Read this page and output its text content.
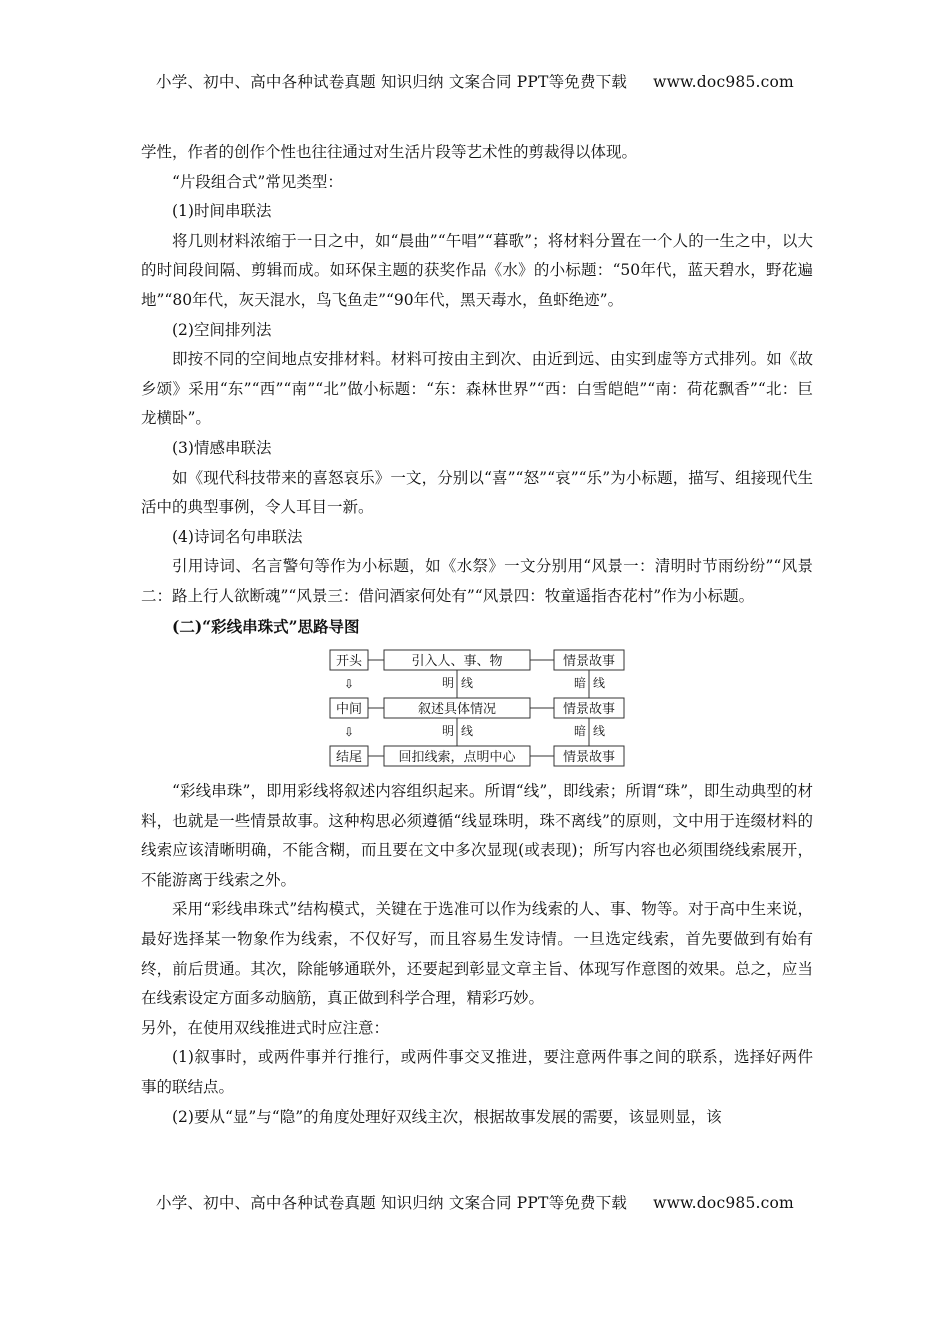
小学、初中、高中各种试卷真题 知识归纳 文案合同 PPT等免费下载 www.doc985.com

学性，作者的创作个性也往往通过对生活片段等艺术性的剪裁得以体现。

“片段组合式”常见类型：

(1)时间串联法

将几则材料浓缩于一日之中，如“晨曲”“午唱”“暮歌”；将材料分置在一个人的一生之中，以大的时间段间隔、剪辑而成。如环保主题的获奖作品《水》的小标题：“50年代，蓝天碧水，野花遍地”“80年代，灰天混水，鸟飞鱼走”“90年代，黑天毒水，鱼虾绝迹”。

(2)空间排列法

即按不同的空间地点安排材料。材料可按由主到次、由近到远、由实到虚等方式排列。如《故乡颂》采用“东”“西”“南”“北”做小标题：“东：森林世界”“西：白雪皑皑”“南：荷花飘香”“北：巨龙横卧”。

(3)情感串联法

如《现代科技带来的喜怒哀乐》一文，分别以“喜”“怒”“哀”“乐”为小标题，描写、组接现代生活中的典型事例，令人耳目一新。

(4)诗词名句串联法

引用诗词、名言警句等作为小标题，如《水祭》一文分别用“风景一：清明时节雨纷纷”“风景二：路上行人欲断魂”“风景三：借问酒家何处有”“风景四：牧童遥指杏花村”作为小标题。

(二)“彩线串珠式”思路导图

开头	引入人、事、物	情景故事
⇩	明 线	暗 线
中间	叙述具体情况	情景故事
⇩	明 线	暗 线
结尾	回扣线索，点明中心	情景故事

“彩线串珠”，即用彩线将叙述内容组织起来。所谓“线”，即线索；所谓“珠”，即生动典型的材料，也就是一些情景故事。这种构思必须遵循“线显珠明，珠不离线”的原则，文中用于连缀材料的线索应该清晰明确，不能含糊，而且要在文中多次显现(或表现)；所写内容也必须围绕线索展开，不能游离于线索之外。

采用“彩线串珠式”结构模式，关键在于选准可以作为线索的人、事、物等。对于高中生来说，最好选择某一物象作为线索，不仅好写，而且容易生发诗情。一旦选定线索，首先要做到有始有终，前后贯通。其次，除能够通联外，还要起到彰显文章主旨、体现写作意图的效果。总之，应当在线索设定方面多动脑筋，真正做到科学合理，精彩巧妙。

另外，在使用双线推进式时应注意：

(1)叙事时，或两件事并行推行，或两件事交叉推进，要注意两件事之间的联系，选择好两件事的联结点。

(2)要从“显”与“隐”的角度处理好双线主次，根据故事发展的需要，该显则显，该

小学、初中、高中各种试卷真题 知识归纳 文案合同 PPT等免费下载 www.doc985.com
